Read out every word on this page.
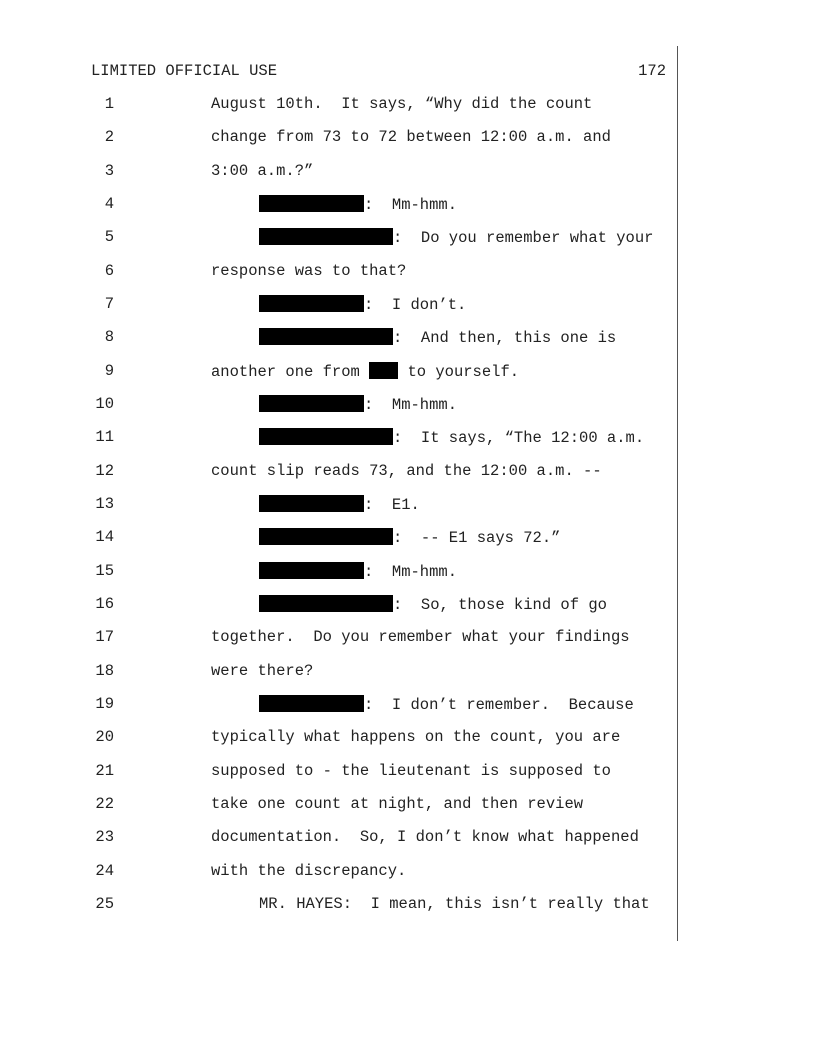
LIMITED OFFICIAL USE	172
1	August 10th.  It says, “Why did the count
2	change from 73 to 72 between 12:00 a.m. and
3	3:00 a.m.?”
4	:  Mm-hmm.
5	:  Do you remember what your
6	response was to that?
7	:  I don’t.
8	:  And then, this one is
9	another one from  to yourself.
10	:  Mm-hmm.
11	:  It says, “The 12:00 a.m.
12	count slip reads 73, and the 12:00 a.m. --
13	:  E1.
14	:  -- E1 says 72.”
15	:  Mm-hmm.
16	:  So, those kind of go
17	together.  Do you remember what your findings
18	were there?
19	:  I don’t remember.  Because
20	typically what happens on the count, you are
21	supposed to - the lieutenant is supposed to
22	take one count at night, and then review
23	documentation.  So, I don’t know what happened
24	with the discrepancy.
25	MR. HAYES:  I mean, this isn’t really that
